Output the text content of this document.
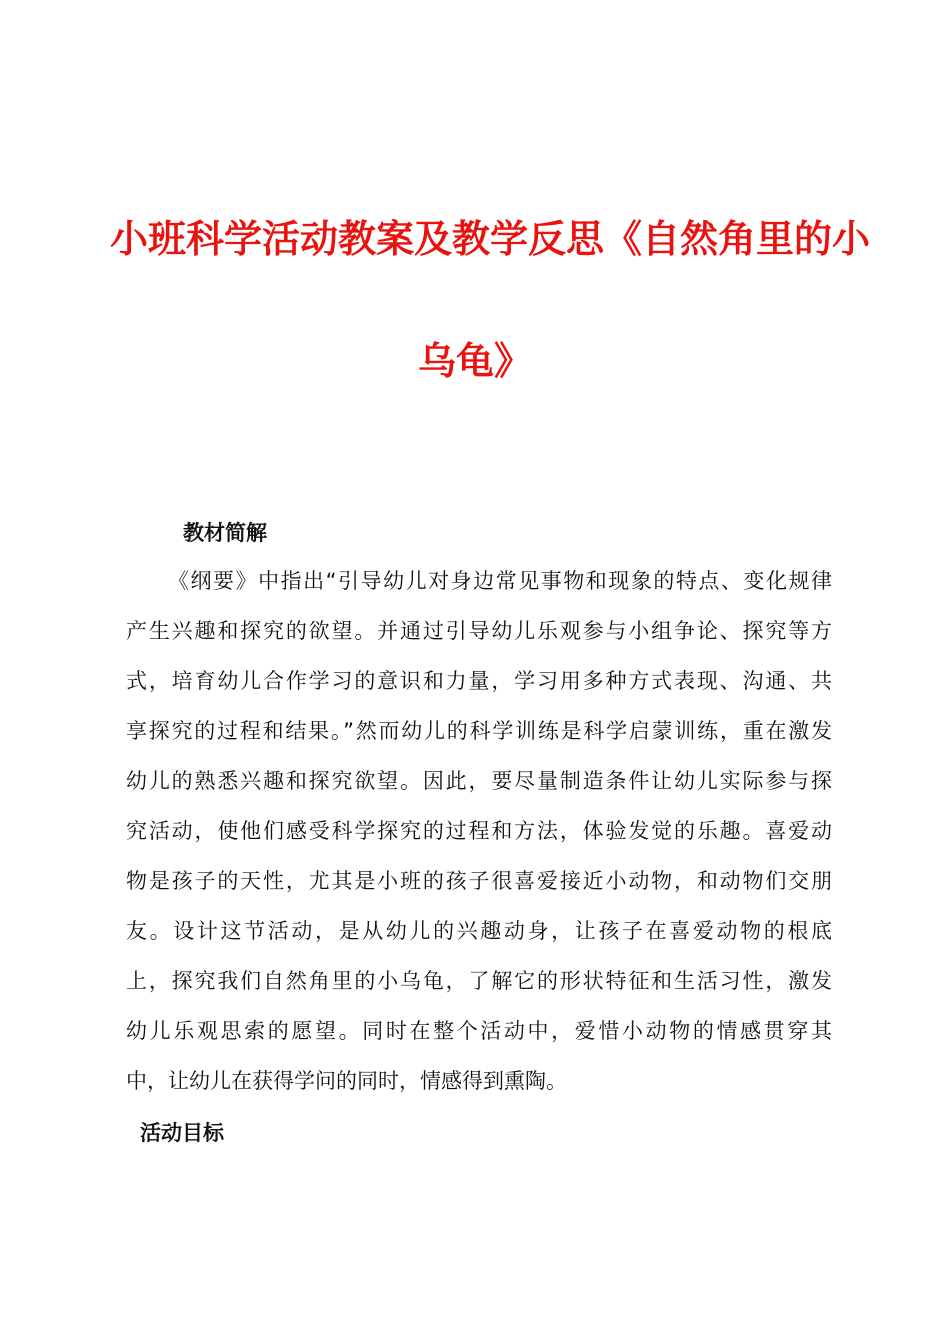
小班科学活动教案及教学反思《自然角里的小
乌龟》
教材简解
《纲要》中指出“引导幼儿对身边常见事物和现象的特点、变化规律
产生兴趣和探究的欲望。并通过引导幼儿乐观参与小组争论、探究等方
式，培育幼儿合作学习的意识和力量，学习用多种方式表现、沟通、共
享探究的过程和结果。”然而幼儿的科学训练是科学启蒙训练，重在激发
幼儿的熟悉兴趣和探究欲望。因此，要尽量制造条件让幼儿实际参与探
究活动，使他们感受科学探究的过程和方法，体验发觉的乐趣。喜爱动
物是孩子的天性，尤其是小班的孩子很喜爱接近小动物，和动物们交朋
友。设计这节活动，是从幼儿的兴趣动身，让孩子在喜爱动物的根底
上，探究我们自然角里的小乌龟，了解它的形状特征和生活习性，激发
幼儿乐观思索的愿望。同时在整个活动中，爱惜小动物的情感贯穿其
中，让幼儿在获得学问的同时，情感得到熏陶。
活动目标
